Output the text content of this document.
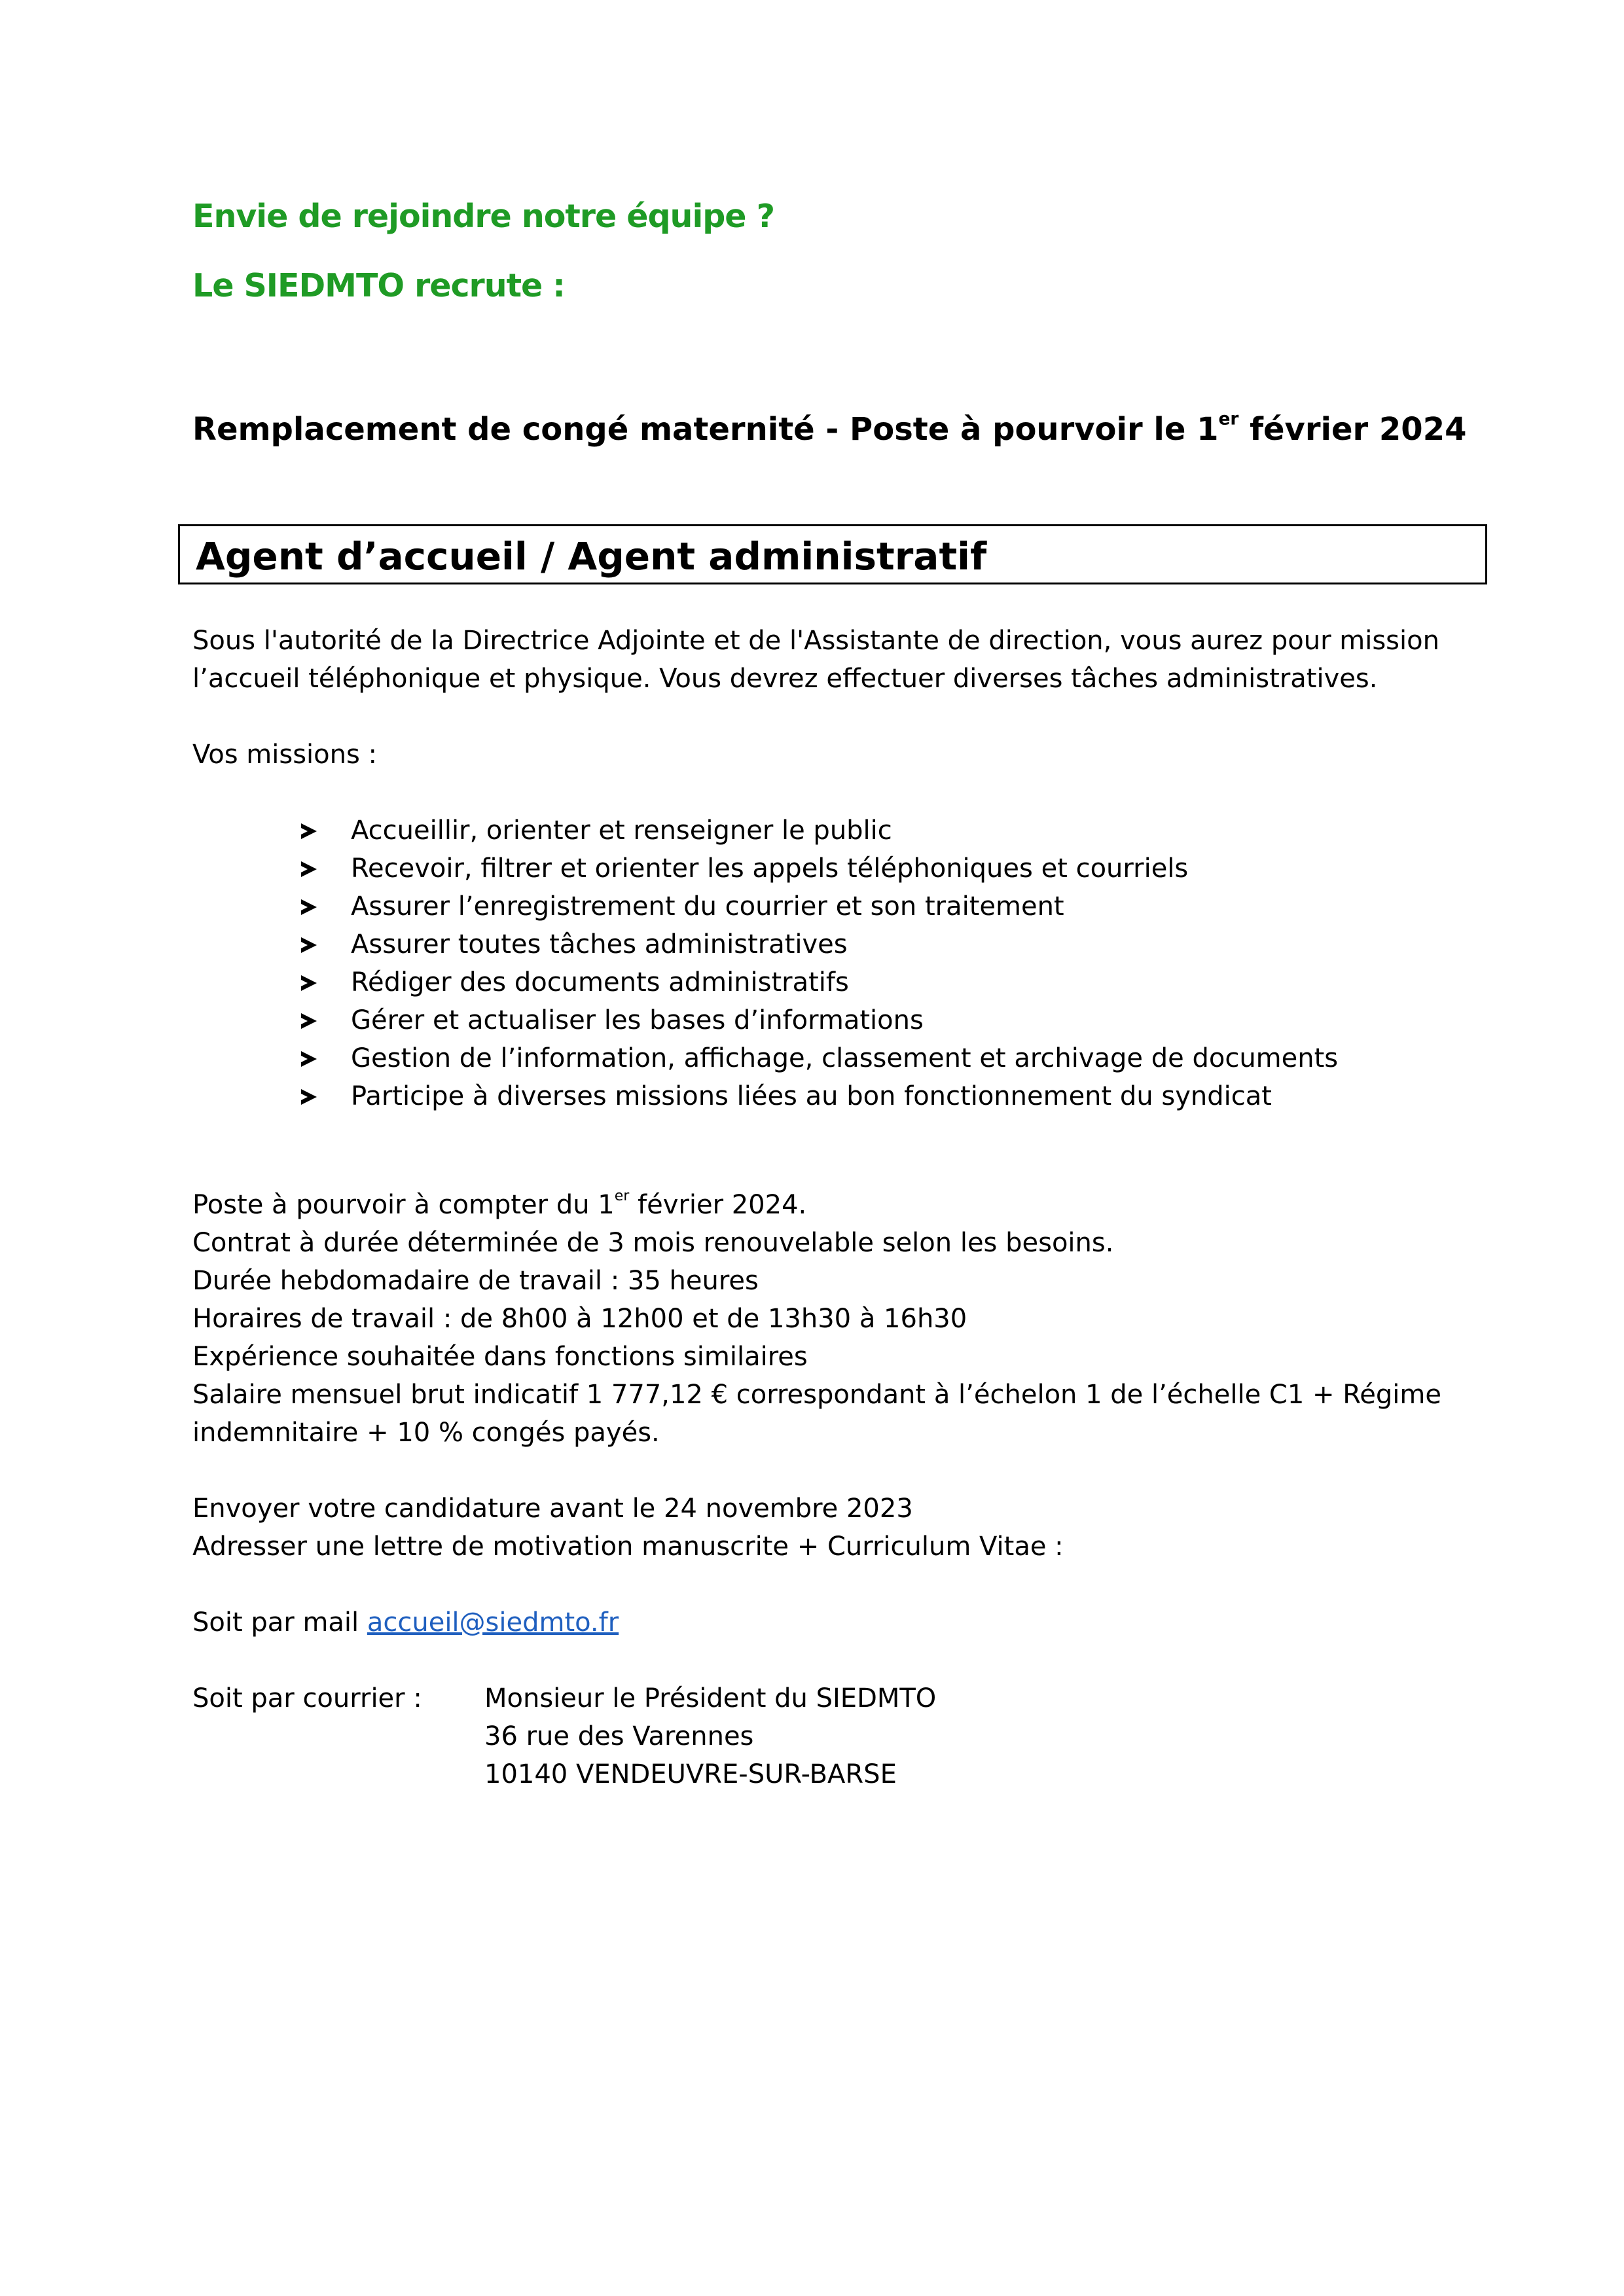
Envie de rejoindre notre équipe ?
Le SIEDMTO recrute :
Remplacement de congé maternité - Poste à pourvoir le 1er février 2024
Agent d’accueil / Agent administratif
Sous l'autorité de la Directrice Adjointe et de l'Assistante de direction, vous aurez pour mission
l’accueil téléphonique et physique. Vous devrez effectuer diverses tâches administratives.
Vos missions :
Accueillir, orienter et renseigner le public
Recevoir, filtrer et orienter les appels téléphoniques et courriels
Assurer l’enregistrement du courrier et son traitement
Assurer toutes tâches administratives
Rédiger des documents administratifs
Gérer et actualiser les bases d’informations
Gestion de l’information, affichage, classement et archivage de documents
Participe à diverses missions liées au bon fonctionnement du syndicat
Poste à pourvoir à compter du 1er février 2024.
Contrat à durée déterminée de 3 mois renouvelable selon les besoins.
Durée hebdomadaire de travail : 35 heures
Horaires de travail : de 8h00 à 12h00 et de 13h30 à 16h30
Expérience souhaitée dans fonctions similaires
Salaire mensuel brut indicatif 1 777,12 € correspondant à l’échelon 1 de l’échelle C1 + Régime
indemnitaire + 10 % congés payés.
Envoyer votre candidature avant le 24 novembre 2023
Adresser une lettre de motivation manuscrite + Curriculum Vitae :
Soit par mail accueil@siedmto.fr
Soit par courrier : Monsieur le Président du SIEDMTO
36 rue des Varennes
10140 VENDEUVRE-SUR-BARSE
